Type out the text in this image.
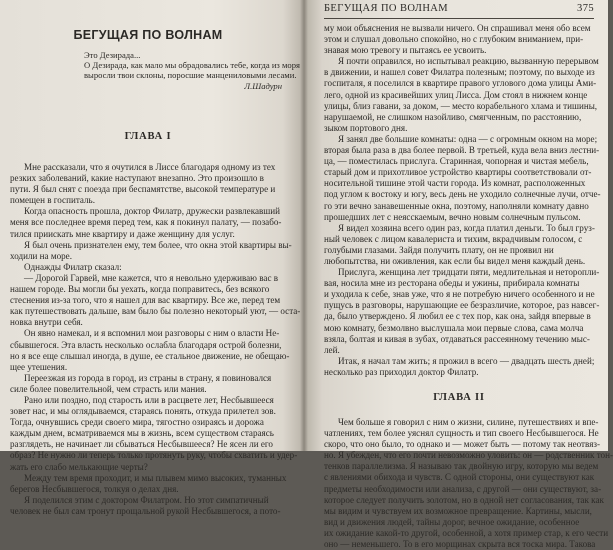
БЕГУЩАЯ ПО ВОЛНАМ
Это Дезирада...
О Дезирада, как мало мы обрадовались тебе, когда из моря
выросли твои склоны, поросшие манцениловыми лесами.
Л.Шадурн
ГЛАВА I
Мне рассказали, что я очутился в Лиссе благодаря одному из тех
резких заболеваний, какие наступают внезапно. Это произошло в
пути. Я был снят с поезда при беспамятстве, высокой температуре и
помещен в госпиталь.
Когда опасность прошла, доктор Филатр, дружески развлекавший
меня все последнее время перед тем, как я покинул палату, — позабо-
тился приискать мне квартиру и даже женщину для услуг.
Я был очень признателен ему, тем более, что окна этой квартиры вы-
ходили на море.
Однажды Филатр сказал:
— Дорогой Гарвей, мне кажется, что я невольно удерживаю вас в
нашем городе. Вы могли бы уехать, когда поправитесь, без всякого
стеснения из-за того, что я нашел для вас квартиру. Все же, перед тем
как путешествовать дальше, вам было бы полезно некоторый уют, — оста-
новка внутри себя.
Он явно намекал, и я вспомнил мои разговоры с ним о власти Не-
сбывшегося. Эта власть несколько ослабла благодаря острой болезни,
но я все еще слышал иногда, в душе, ее стальное движение, не обещаю-
щее утешения.
Переезжая из города в город, из страны в страну, я повиновался
силе более повелительной, чем страсть или мания.
Рано или поздно, под старость или в расцвете лет, Несбывшееся
зовет нас, и мы оглядываемся, стараясь понять, откуда прилетел зов.
Тогда, очнувшись среди своего мира, тягостно озираясь и дорожа
каждым днем, всматриваемся мы в жизнь, всем существом стараясь
разглядеть, не начинает ли сбываться Несбывшееся? Не ясен ли его
образ? Не нужно ли теперь только протянуть руку, чтобы схватить и удер-
жать его слабо мелькающие черты?
Между тем время проходит, и мы плывем мимо высоких, туманных
берегов Несбывшегося, толкуя о делах дня.
Я поделился этим с доктором Филатром. Но этот симпатичный
человек не был сам тронут прощальной рукой Несбывшегося, а пото-
БЕГУЩАЯ ПО ВОЛНАМ	375
му мои объяснения не вызвали ничего. Он спрашивал меня обо всем
этом и слушал довольно спокойно, но с глубоким вниманием, при-
знавая мою тревогу и пытаясь ее усвоить.
Я почти оправился, но испытывал реакцию, вызванную перерывом
в движении, и нашел совет Филатра полезным; поэтому, по выходе из
госпиталя, я поселился в квартире правого углового дома улицы Ами-
лего, одной из красивейших улиц Лисса. Дом стоял в нижнем конце
улицы, близ гавани, за доком, — место корабельного хлама и тишины,
нарушаемой, не слишком назойливо, смягченным, по расстоянию,
зыком портового дня.
Я занял две большие комнаты: одна — с огромным окном на море;
вторая была раза в два более первой. В третьей, куда вела вниз лестни-
ца, — поместилась прислуга. Старинная, чопорная и чистая мебель,
старый дом и прихотливое устройство квартиры соответствовали от-
носительной тишине этой части города. Из комнат, расположенных
под углом к востоку и югу, весь день не уходило солнечные лучи, отче-
го эти вечно занавешенные окна, поэтому, наполняли комнату давно
прошедших лет с неясскаемым, вечно новым солнечным пульсом.
Я видел хозяина всего один раз, когда платил деньги. То был груз-
ный человек с лицом кавалериста и тихим, вкрадчивым голосом, с
голубыми глазами. Зайдя получить плату, он не проявил ни
любопытства, ни оживления, как если бы видел меня каждый день.
Прислуга, женщина лет тридцати пяти, медлительная и неторопли-
вая, носила мне из ресторана обеды и ужины, прибирала комнаты
и уходила к себе, знав уже, что я не потребую ничего особенного и не
пущусь в разговоры, нарушающие ее безразличие, которое, раз навсег-
да, было утверждено. Я любил ее с тех пор, как она, зайдя впервые в
мою комнату, безмолвно выслушала мои первые слова, сама молча
взяла, болтая и кивая в зубах, отдаваться рассеянному течению мыс-
лей.
Итак, я начал там жить; я прожил в всего — двадцать шесть дней;
несколько раз приходил доктор Филатр.
ГЛАВА II
Чем больше я говорил с ним о жизни, силине, путешествиях и впе-
чатлениях, тем более уяснял сущность и тип своего Несбывшегося. Не
скоро, что оно было, то однако и — может быть — потому так неотвяз-
но. Я убежден, что его почти невозможно уловить: он — родственник тон-
тенков параллелизма. Я называю так двойную игру, которую мы ведем
с явлениями обихода и чувств. С одной стороны, они существуют как
предметы необходимости или анализа, с другой — они существуют, за-
которое следует получить золотом, но в одной нет согласования, так как
мы видим и чувствуем их возможное превращение. Картины, мысли,
вид и движения людей, тайны дорог, вечное ожидание, особенное
их ожидание какой-то другой, особенной, а хотя пример стар, к его чести
оно — неменьшего. То в его морщинах скрыта вся тоска мира. Такова
